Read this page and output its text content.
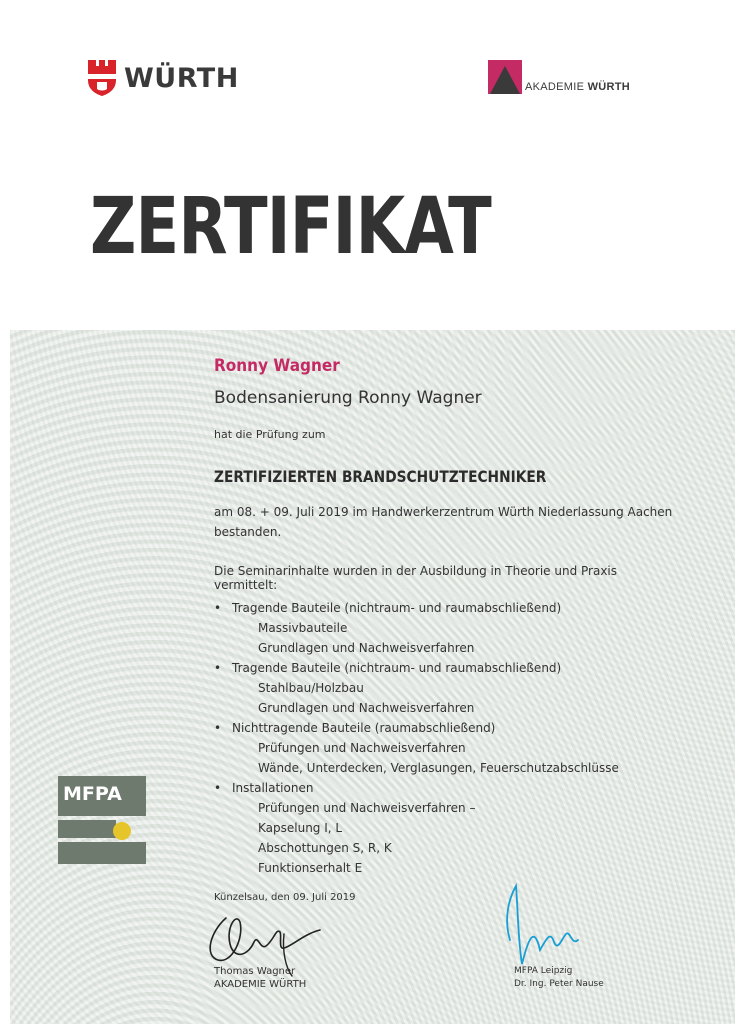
WÜRTH	AKADEMIE WÜRTH
ZERTIFIKAT

Ronny Wagner

Bodensanierung Ronny Wagner

hat die Prüfung zum
ZERTIFIZIERTEN BRANDSCHUTZTECHNIKER
am 08. + 09. Juli 2019 im Handwerkerzentrum Würth Niederlassung Aachen
bestanden.
Die Seminarinhalte wurden in der Ausbildung in Theorie und Praxis vermittelt:
• Tragende Bauteile (nichtraum- und raumabschließend)
Massivbauteile
Grundlagen und Nachweisverfahren
• Tragende Bauteile (nichtraum- und raumabschließend)
Stahlbau/Holzbau
Grundlagen und Nachweisverfahren
• Nichttragende Bauteile (raumabschließend)
Prüfungen und Nachweisverfahren
Wände, Unterdecken, Verglasungen, Feuerschutzabschlüsse
• Installationen
Prüfungen und Nachweisverfahren –
Kapselung I, L
Abschottungen S, R, K
Funktionserhalt E
MFPA
Künzelsau, den 09. Juli 2019
Thomas Wagner
AKADEMIE WÜRTH
MFPA Leipzig
Dr. Ing. Peter Nause
